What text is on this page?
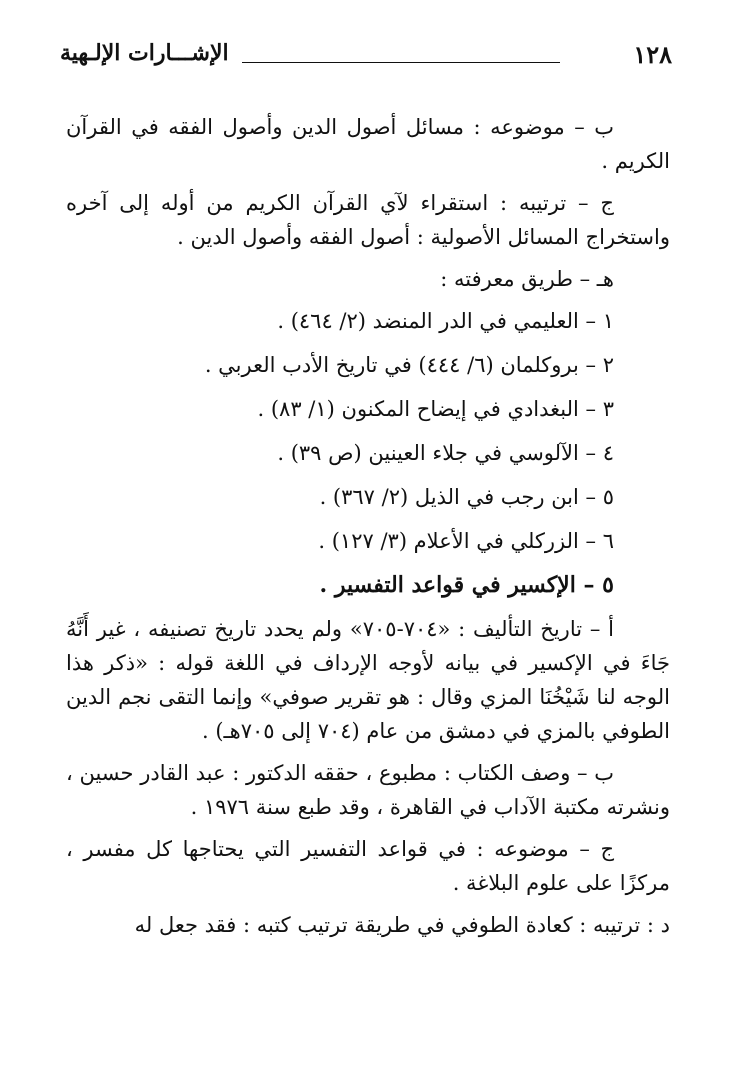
١٢٨
الإشـــارات الإلـهية

ب – موضوعه : مسائل أصول الدين وأصول الفقه في القرآن الكريم .

ج – ترتيبه : استقراء لآي القرآن الكريم من أوله إلى آخره واستخراج المسائل الأصولية : أصول الفقه وأصول الدين .

هـ – طريق معرفته :

١ – العليمي في الدر المنضد (٢/ ٤٦٤) .
٢ – بروكلمان (٦/ ٤٤٤) في تاريخ الأدب العربي .
٣ – البغدادي في إيضاح المكنون (١/ ٨٣) .
٤ – الآلوسي في جلاء العينين (ص ٣٩) .
٥ – ابن رجب في الذيل (٢/ ٣٦٧) .
٦ – الزركلي في الأعلام (٣/ ١٢٧) .
٥ – الإكسير في قواعد التفسير .

أ – تاريخ التأليف : «٧٠٤-٧٠٥» ولم يحدد تاريخ تصنيفه ، غير أَنَّهُ جَاءَ في الإكسير في بيانه لأوجه الإرداف في اللغة قوله : «ذكر هذا الوجه لنا شَيْخُنَا المزي وقال : هو تقرير صوفي» وإنما التقى نجم الدين الطوفي بالمزي في دمشق من عام (٧٠٤ إلى ٧٠٥هـ) .

ب – وصف الكتاب : مطبوع ، حققه الدكتور : عبد القادر حسين ، ونشرته مكتبة الآداب في القاهرة ، وقد طبع سنة ١٩٧٦ .

ج – موضوعه : في قواعد التفسير التي يحتاجها كل مفسر ، مركزًا على علوم البلاغة .

د : ترتيبه : كعادة الطوفي في طريقة ترتيب كتبه : فقد جعل له
